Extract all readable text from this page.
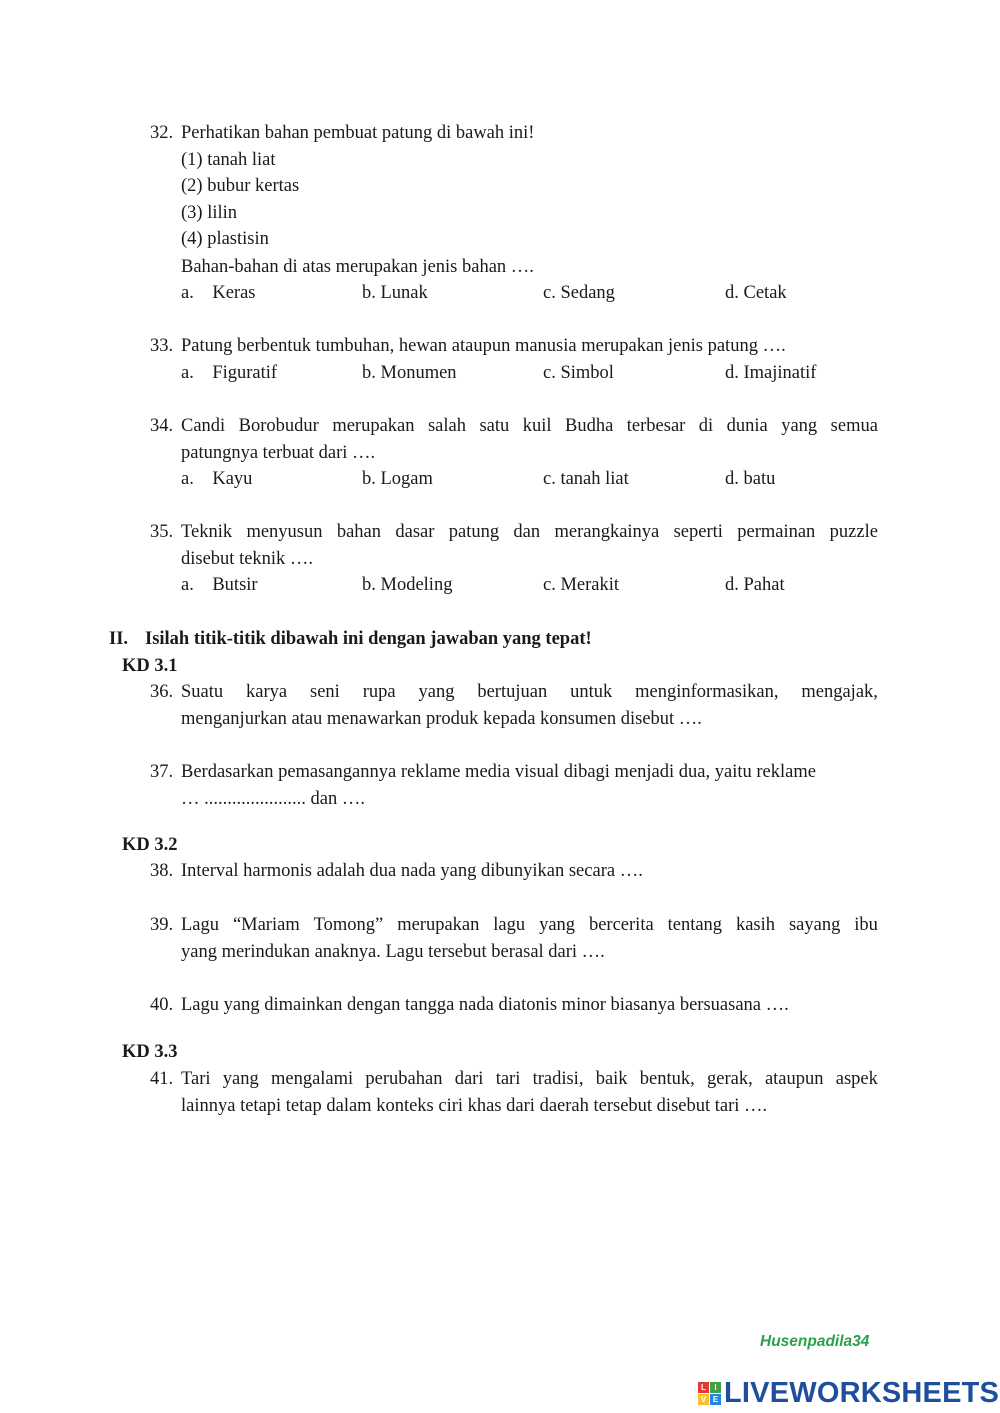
32. Perhatikan bahan pembuat patung di bawah ini!
(1) tanah liat
(2) bubur kertas
(3) lilin
(4) plastisin
Bahan-bahan di atas merupakan jenis bahan ….
a. Keras	b. Lunak	c. Sedang	d. Cetak
33. Patung berbentuk tumbuhan, hewan ataupun manusia merupakan jenis patung ….
a. Figuratif	b. Monumen	c. Simbol	d. Imajinatif
34. Candi Borobudur merupakan salah satu kuil Budha terbesar di dunia yang semua
patungnya terbuat dari ….
a. Kayu	b. Logam	c. tanah liat	d. batu
35. Teknik menyusun bahan dasar patung dan merangkainya seperti permainan puzzle
disebut teknik ….
a. Butsir	b. Modeling	c. Merakit	d. Pahat
II. Isilah titik-titik dibawah ini dengan jawaban yang tepat!
KD 3.1
36. Suatu karya seni rupa yang bertujuan untuk menginformasikan, mengajak,
menganjurkan atau menawarkan produk kepada konsumen disebut ….
37. Berdasarkan pemasangannya reklame media visual dibagi menjadi dua, yaitu reklame
… ...................... dan ….
KD 3.2
38. Interval harmonis adalah dua nada yang dibunyikan secara ….
39. Lagu “Mariam Tomong” merupakan lagu yang bercerita tentang kasih sayang ibu
yang merindukan anaknya. Lagu tersebut berasal dari ….
40. Lagu yang dimainkan dengan tangga nada diatonis minor biasanya bersuasana ….
KD 3.3
41. Tari yang mengalami perubahan dari tari tradisi, baik bentuk, gerak, ataupun aspek
lainnya tetapi tetap dalam konteks ciri khas dari daerah tersebut disebut tari ….
Husenpadila34
L	I
V E LIVEWORKSHEETS
